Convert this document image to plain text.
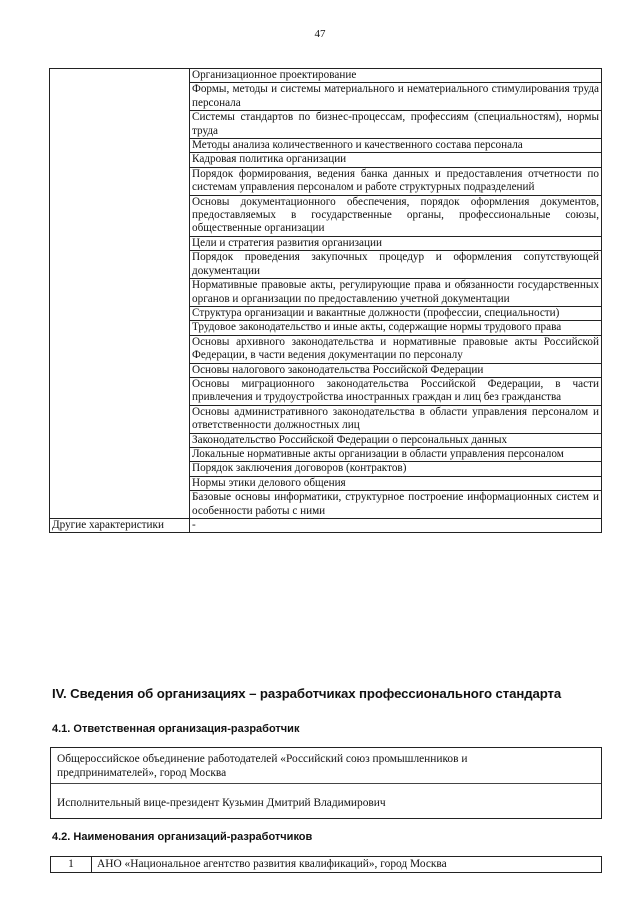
47
	Организационное проектирование
	Формы, методы и системы материального и нематериального стимулирования труда персонала
	Системы стандартов по бизнес-процессам, профессиям (специальностям), нормы труда
	Методы анализа количественного и качественного состава персонала
	Кадровая политика организации
	Порядок формирования, ведения банка данных и предоставления отчетности по системам управления персоналом и работе структурных подразделений
	Основы документационного обеспечения, порядок оформления документов, предоставляемых в государственные органы, профессиональные союзы, общественные организации
	Цели и стратегия развития организации
	Порядок проведения закупочных процедур и оформления сопутствующей документации
	Нормативные правовые акты, регулирующие права и обязанности государственных органов и организации по предоставлению учетной документации
	Структура организации и вакантные должности (профессии, специальности)
	Трудовое законодательство и иные акты, содержащие нормы трудового права
	Основы архивного законодательства и нормативные правовые акты Российской Федерации, в части ведения документации по персоналу
	Основы налогового законодательства Российской Федерации
	Основы миграционного законодательства Российской Федерации, в части привлечения и трудоустройства иностранных граждан и лиц без гражданства
	Основы административного законодательства в области управления персоналом и ответственности должностных лиц
	Законодательство Российской Федерации о персональных данных
	Локальные нормативные акты организации в области управления персоналом
	Порядок заключения договоров (контрактов)
	Нормы этики делового общения
	Базовые основы информатики, структурное построение информационных систем и особенности работы с ними
Другие характеристики	-
IV. Сведения об организациях – разработчиках профессионального стандарта
4.1. Ответственная организация-разработчик
Общероссийское объединение работодателей «Российский союз промышленников и
предпринимателей», город Москва
Исполнительный вице-президент Кузьмин Дмитрий Владимирович
4.2. Наименования организаций-разработчиков
1	АНО «Национальное агентство развития квалификаций», город Москва
